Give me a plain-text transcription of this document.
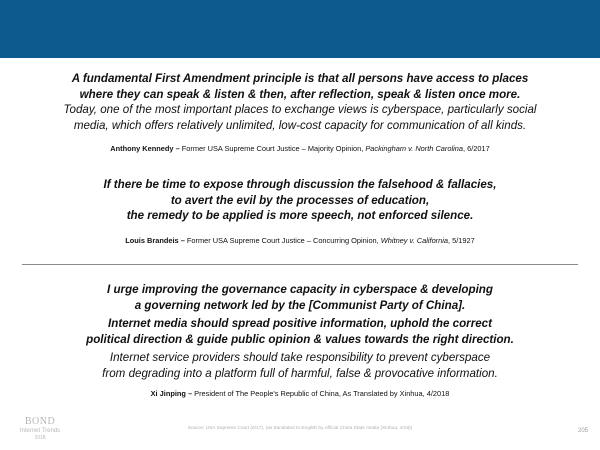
A fundamental First Amendment principle is that all persons have access to places
where they can speak & listen & then, after reflection, speak & listen once more.
Today, one of the most important places to exchange views is cyberspace, particularly social
media, which offers relatively unlimited, low-cost capacity for communication of all kinds.
Anthony Kennedy – Former USA Supreme Court Justice – Majority Opinion, Packingham v. North Carolina, 6/2017
If there be time to expose through discussion the falsehood & fallacies,
to avert the evil by the processes of education,
the remedy to be applied is more speech, not enforced silence.
Louis Brandeis – Former USA Supreme Court Justice – Concurring Opinion, Whitney v. California, 5/1927
I urge improving the governance capacity in cyberspace & developing
a governing network led by the [Communist Party of China].
Internet media should spread positive information, uphold the correct
political direction & guide public opinion & values towards the right direction.
Internet service providers should take responsibility to prevent cyberspace
from degrading into a platform full of harmful, false & provocative information.
Xi Jinping – President of The People's Republic of China, As Translated by Xinhua, 4/2018
BOND
Internet Trends
2018
Source: USA Supreme Court (6/17), (as translated to English by official China State media (Xinhua, 4/18))	205
